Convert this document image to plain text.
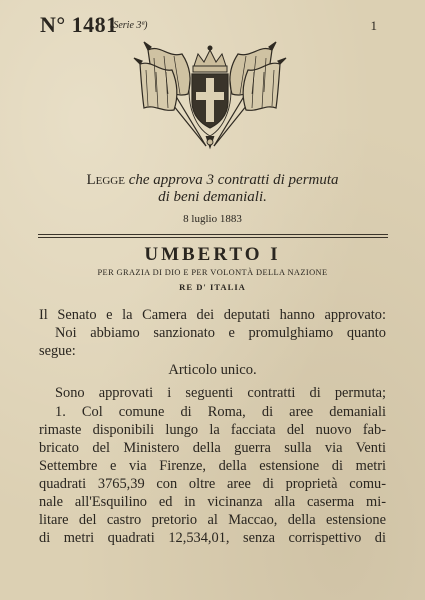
N° 1481
(Serie 3ª)	1
Legge che approva 3 contratti di permuta
di beni demaniali.
8 luglio 1883
UMBERTO I
PER GRAZIA DI DIO E PER VOLONTÀ DELLA NAZIONE
RE D' ITALIA
Il Senato e la Camera dei deputati hanno approvato:
Noi abbiamo sanzionato e promulghiamo quanto
segue:
Articolo unico.
Sono approvati i seguenti contratti di permuta;
1. Col comune di Roma, di aree demaniali
rimaste disponibili lungo la facciata del nuovo fab-
bricato del Ministero della guerra sulla via Venti
Settembre e via Firenze, della estensione di metri
quadrati 3765,39 con oltre aree di proprietà comu-
nale all'Esquilino ed in vicinanza alla caserma mi-
litare del castro pretorio al Maccao, della estensione
di metri quadrati 12,534,01, senza corrispettivo di
